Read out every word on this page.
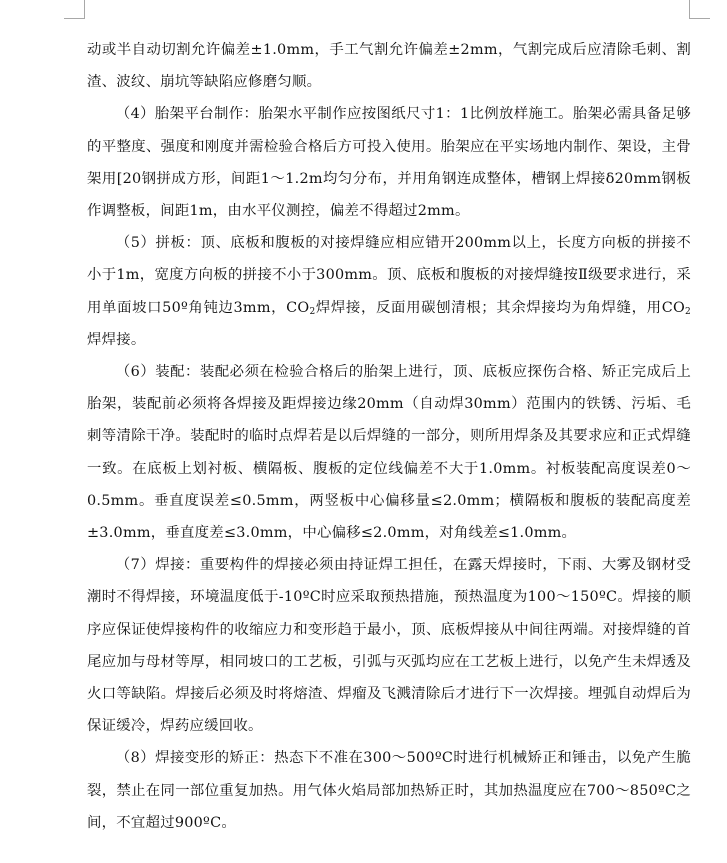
动或半自动切割允许偏差±1.0mm，手工气割允许偏差±2mm，气割完成后应清除毛刺、割渣、波纹、崩坑等缺陷应修磨匀顺。

（4）胎架平台制作：胎架水平制作应按图纸尺寸1：1比例放样施工。胎架必需具备足够的平整度、强度和刚度并需检验合格后方可投入使用。胎架应在平实场地内制作、架设，主骨架用[20钢拼成方形，间距1～1.2m均匀分布，并用角钢连成整体，槽钢上焊接δ20mm钢板作调整板，间距1m，由水平仪测控，偏差不得超过2mm。

（5）拼板：顶、底板和腹板的对接焊缝应相应错开200mm以上，长度方向板的拼接不小于1m，宽度方向板的拼接不小于300mm。顶、底板和腹板的对接焊缝按Ⅱ级要求进行，采用单面坡口50º角钝边3mm，$CO_2$焊焊接，反面用碳刨清根；其余焊接均为角焊缝，用$CO_2$焊焊接。

（6）装配：装配必须在检验合格后的胎架上进行，顶、底板应探伤合格、矫正完成后上胎架，装配前必须将各焊接及距焊接边缘20mm（自动焊30mm）范围内的铁锈、污垢、毛刺等清除干净。装配时的临时点焊若是以后焊缝的一部分，则所用焊条及其要求应和正式焊缝一致。在底板上划衬板、横隔板、腹板的定位线偏差不大于1.0mm。衬板装配高度误差0～0.5mm。垂直度误差≤0.5mm，两竖板中心偏移量≤2.0mm；横隔板和腹板的装配高度差±3.0mm，垂直度差≤3.0mm，中心偏移≤2.0mm，对角线差≤1.0mm。

（7）焊接：重要构件的焊接必须由持证焊工担任，在露天焊接时，下雨、大雾及钢材受潮时不得焊接，环境温度低于-10ºC时应采取预热措施，预热温度为100～150ºC。焊接的顺序应保证使焊接构件的收缩应力和变形趋于最小，顶、底板焊接从中间往两端。对接焊缝的首尾应加与母材等厚，相同坡口的工艺板，引弧与灭弧均应在工艺板上进行，以免产生未焊透及火口等缺陷。焊接后必须及时将熔渣、焊瘤及飞溅清除后才进行下一次焊接。埋弧自动焊后为保证缓冷，焊药应缓回收。

（8）焊接变形的矫正：热态下不准在300～500ºC时进行机械矫正和锤击，以免产生脆裂，禁止在同一部位重复加热。用气体火焰局部加热矫正时，其加热温度应在700～850ºC之间，不宜超过900ºC。
